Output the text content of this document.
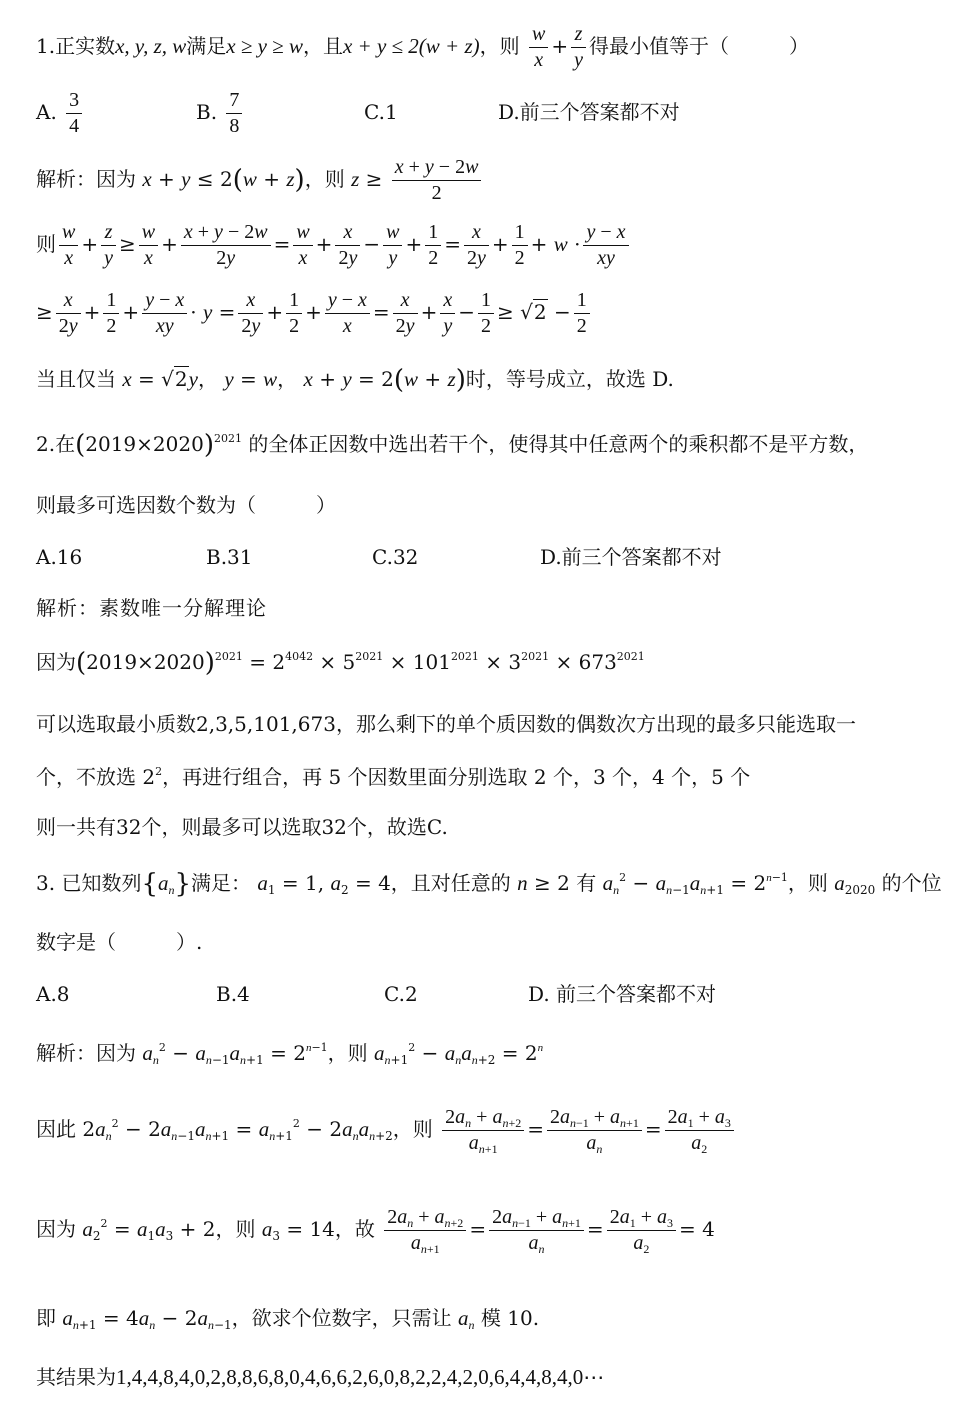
1.正实数x, y, z, w满足x ≥ y ≥ w，且x + y ≤ 2(w + z)，则 $\frac{w}{x} + \frac{z}{y}$ 得最小值等于（　　　）
A. $\frac{3}{4}$	B. $\frac{7}{8}$	C.1	D.前三个答案都不对
解析：因为 x + y ≤ 2(w + z)，则 $z \ge \frac{x + y - 2w}{2}$
则 $\frac{w}{x} + \frac{z}{y} \ge \frac{w}{x} + \frac{x + y - 2w}{2y} = \frac{w}{x} + \frac{x}{2y} - \frac{w}{y} + \frac{1}{2} = \frac{x}{2y} + \frac{1}{2} + w \cdot \frac{y - x}{xy}$
≥ $\frac{x}{2y} + \frac{1}{2} + \frac{y - x}{xy} \cdot y = \frac{x}{2y} + \frac{1}{2} + \frac{y - x}{x} = \frac{x}{2y} + \frac{x}{y} - \frac{1}{2} \ge √2 - \frac{1}{2}$
当且仅当 x = √2y， y = w， x + y = 2(w + z)时，等号成立，故选 D.
2.在$(2019\times 2020)^{2021}$ 的全体正因数中选出若干个，使得其中任意两个的乘积都不是平方数，
则最多可选因数个数为（　　　）
A.16	B.31	C.32	D.前三个答案都不对
解析：素数唯一分解理论
因为$(2019\times 2020)^{2021} = 2^{4042} \times 5^{2021} \times 101^{2021} \times 3^{2021} \times 673^{2021}$
可以选取最小质数2,3,5,101,673，那么剩下的单个质因数的偶数次方出现的最多只能选取一
个，不放选 $2^2$，再进行组合，再 5 个因数里面分别选取 2 个，3 个，4 个，5 个
则一共有32个，则最多可以选取32个，故选C.
3. 已知数列$\{a_n\}$满足： $a_1 = 1$, $a_2 = 4$，且对任意的 n ≥ 2 有 $a_n^2 - a_{n-1}a_{n+1} = 2^{n-1}$，则 $a_{2020}$ 的个位
数字是（　　　）.
A.8	B.4	C.2	D. 前三个答案都不对
解析：因为 $a_n^2 - a_{n-1}a_{n+1} = 2^{n-1}$，则 $a_{n+1}^2 - a_na_{n+2} = 2^n$
因此 $2a_n^2 - 2a_{n-1}a_{n+1} = a_{n+1}^2 - 2a_na_{n+2}$，则 $\frac{2a_n + a_{n+2}}{a_{n+1}} = \frac{2a_{n-1} + a_{n+1}}{a_n} = \frac{2a_1 + a_3}{a_2}$
因为 $a_2^2 = a_1a_3 + 2$，则 $a_3 = 14$，故 $\frac{2a_n + a_{n+2}}{a_{n+1}} = \frac{2a_{n-1} + a_{n+1}}{a_n} = \frac{2a_1 + a_3}{a_2} = 4$
即 $a_{n+1} = 4a_n - 2a_{n-1}$，欲求个位数字，只需让 $a_n$ 模 10.
其结果为1,4,4,8,4,0,2,8,8,6,8,0,4,6,6,2,6,0,8,2,2,4,2,0,6,4,4,8,4,0⋯
